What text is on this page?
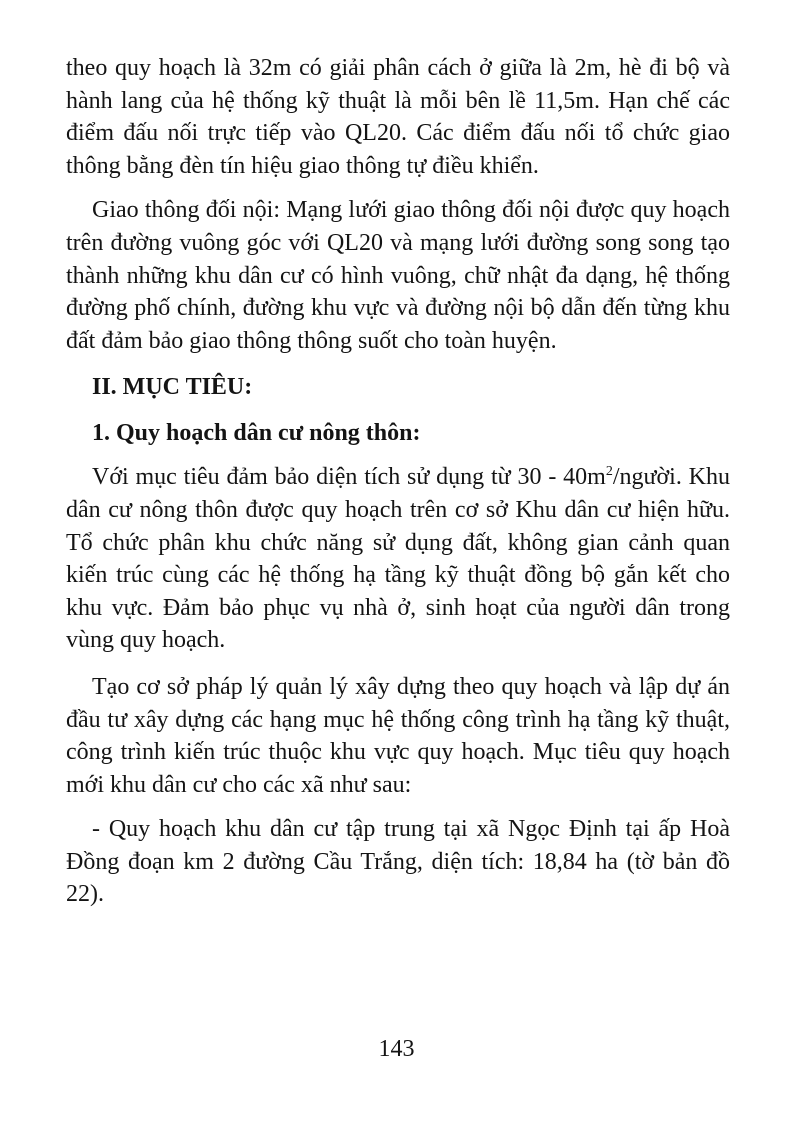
theo quy hoạch là 32m có giải phân cách ở giữa là 2m, hè đi bộ và hành lang của hệ thống kỹ thuật là mỗi bên lề 11,5m. Hạn chế các điểm đấu nối trực tiếp vào QL20. Các điểm đấu nối tổ chức giao thông bằng đèn tín hiệu giao thông tự điều khiển.

Giao thông đối nội: Mạng lưới giao thông đối nội được quy hoạch trên đường vuông góc với QL20 và mạng lưới đường song song tạo thành những khu dân cư có hình vuông, chữ nhật đa dạng, hệ thống đường phố chính, đường khu vực và đường nội bộ dẫn đến từng khu đất đảm bảo giao thông thông suốt cho toàn huyện.

II. MỤC TIÊU:
1. Quy hoạch dân cư nông thôn:

Với mục tiêu đảm bảo diện tích sử dụng từ $30 - 40m^2$/người. Khu dân cư nông thôn được quy hoạch trên cơ sở Khu dân cư hiện hữu. Tổ chức phân khu chức năng sử dụng đất, không gian cảnh quan kiến trúc cùng các hệ thống hạ tầng kỹ thuật đồng bộ gắn kết cho khu vực. Đảm bảo phục vụ nhà ở, sinh hoạt của người dân trong vùng quy hoạch.

Tạo cơ sở pháp lý quản lý xây dựng theo quy hoạch và lập dự án đầu tư xây dựng các hạng mục hệ thống công trình hạ tầng kỹ thuật, công trình kiến trúc thuộc khu vực quy hoạch. Mục tiêu quy hoạch mới khu dân cư cho các xã như sau:

- Quy hoạch khu dân cư tập trung tại xã Ngọc Định tại ấp Hoà Đồng đoạn km 2 đường Cầu Trắng, diện tích: 18,84 ha (tờ bản đồ 22).

143
